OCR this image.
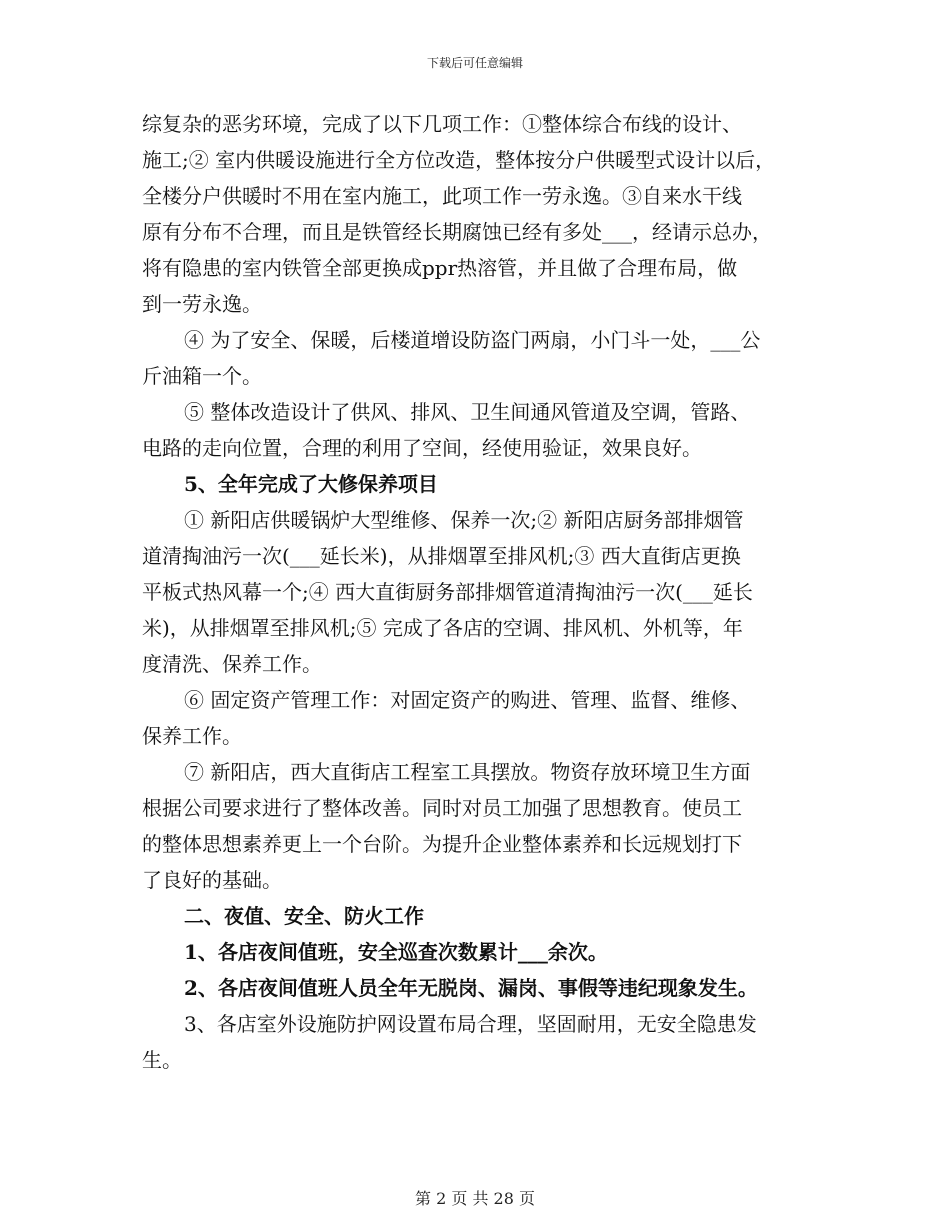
下载后可任意编辑
综复杂的恶劣环境，完成了以下几项工作：①整体综合布线的设计、
施工;② 室内供暖设施进行全方位改造，整体按分户供暖型式设计以后，
全楼分户供暖时不用在室内施工，此项工作一劳永逸。③自来水干线
原有分布不合理，而且是铁管经长期腐蚀已经有多处___，经请示总办，
将有隐患的室内铁管全部更换成ppr热溶管，并且做了合理布局，做
到一劳永逸。
④ 为了安全、保暖，后楼道增设防盗门两扇，小门斗一处，___公
斤油箱一个。
⑤ 整体改造设计了供风、排风、卫生间通风管道及空调，管路、
电路的走向位置，合理的利用了空间，经使用验证，效果良好。
5、全年完成了大修保养项目
① 新阳店供暖锅炉大型维修、保养一次;② 新阳店厨务部排烟管
道清掏油污一次(___延长米)，从排烟罩至排风机;③ 西大直街店更换
平板式热风幕一个;④ 西大直街厨务部排烟管道清掏油污一次(___延长
米)，从排烟罩至排风机;⑤ 完成了各店的空调、排风机、外机等，年
度清洗、保养工作。
⑥ 固定资产管理工作：对固定资产的购进、管理、监督、维修、
保养工作。
⑦ 新阳店，西大直街店工程室工具摆放。物资存放环境卫生方面
根据公司要求进行了整体改善。同时对员工加强了思想教育。使员工
的整体思想素养更上一个台阶。为提升企业整体素养和长远规划打下
了良好的基础。
二、夜值、安全、防火工作
1、各店夜间值班，安全巡查次数累计___余次。
2、各店夜间值班人员全年无脱岗、漏岗、事假等违纪现象发生。
3、各店室外设施防护网设置布局合理，坚固耐用，无安全隐患发
生。
第 2 页 共 28 页
